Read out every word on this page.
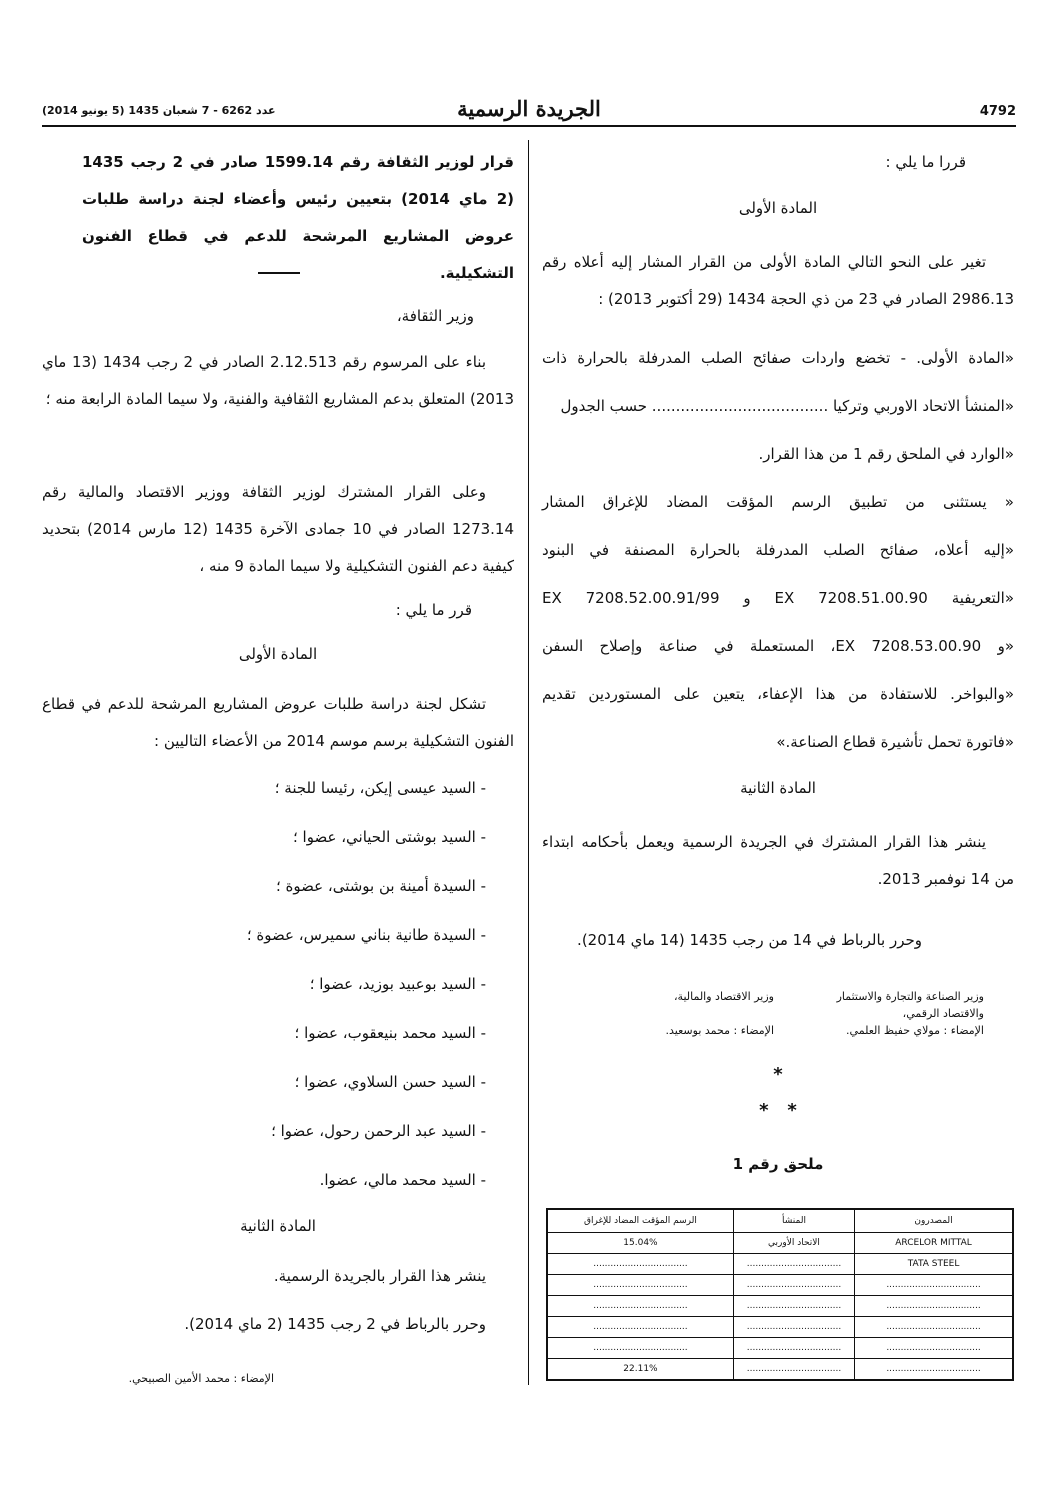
4792
الجريدة الرسمية
عدد 6262 - 7 شعبان 1435 (5 يونيو 2014)
قررا ما يلي :
المادة الأولى
تغير على النحو التالي المادة الأولى من القرار المشار إليه أعلاه رقم 2986.13 الصادر في 23 من ذي الحجة 1434 (29 أكتوبر 2013) :
«المادة الأولى. - تخضع واردات صفائح الصلب المدرفلة بالحرارة ذات
«المنشأ الاتحاد الاوربي وتركيا ..................................... حسب الجدول
«الوارد في الملحق رقم 1 من هذا القرار.
« يستثنى من تطبيق الرسم المؤقت المضاد للإغراق المشار
«إليه أعلاه، صفائح الصلب المدرفلة بالحرارة المصنفة في البنود
«التعريفية EX 7208.51.00.90 و EX 7208.52.00.91/99
«و EX 7208.53.00.90، المستعملة في صناعة وإصلاح السفن
«والبواخر. للاستفادة من هذا الإعفاء، يتعين على المستوردين تقديم
«فاتورة تحمل تأشيرة قطاع الصناعة.»
المادة الثانية
ينشر هذا القرار المشترك في الجريدة الرسمية ويعمل بأحكامه ابتداء من 14 نوفمبر 2013.
وحرر بالرباط في 14 من رجب 1435 (14 ماي 2014).
وزير الصناعة والتجارة والاستثمار والاقتصاد الرقمي،
الإمضاء : مولاي حفيظ العلمي.
وزير الاقتصاد والمالية،
الإمضاء : محمد بوسعيد.
*
*   *
ملحق رقم 1
المصدرون	المنشأ	الرسم المؤقت المضاد للإغراق
ARCELOR MITTAL	الاتحاد الأوربي	15.04%
TATA STEEL	.................................	.................................
.................................	.................................	.................................
.................................	.................................	.................................
.................................	.................................	.................................
.................................	.................................	.................................
.................................	.................................	22.11%
قرار لوزير الثقافة رقم 1599.14 صادر في 2 رجب 1435 (2 ماي 2014) بتعيين رئيس وأعضاء لجنة دراسة طلبات عروض المشاريع المرشحة للدعم في قطاع الفنون التشكيلية.
وزير الثقافة،
بناء على المرسوم رقم 2.12.513 الصادر في 2 رجب 1434 (13 ماي 2013) المتعلق بدعم المشاريع الثقافية والفنية، ولا سيما المادة الرابعة منه ؛
وعلى القرار المشترك لوزير الثقافة ووزير الاقتصاد والمالية رقم 1273.14 الصادر في 10 جمادى الآخرة 1435 (12 مارس 2014) بتحديد كيفية دعم الفنون التشكيلية ولا سيما المادة 9 منه ،
قرر ما يلي :
المادة الأولى
تشكل لجنة دراسة طلبات عروض المشاريع المرشحة للدعم في قطاع الفنون التشكيلية برسم موسم 2014 من الأعضاء التاليين :
- السيد عيسى إيكن، رئيسا للجنة ؛
- السيد بوشتى الحياني، عضوا ؛
- السيدة أمينة بن بوشتى، عضوة ؛
- السيدة طانية بناني سميرس، عضوة ؛
- السيد بوعبيد بوزيد، عضوا ؛
- السيد محمد بنيعقوب، عضوا ؛
- السيد حسن السلاوي، عضوا ؛
- السيد عبد الرحمن رحول، عضوا ؛
- السيد محمد مالي، عضوا.
المادة الثانية
ينشر هذا القرار بالجريدة الرسمية.
وحرر بالرباط في 2 رجب 1435 (2 ماي 2014).
الإمضاء : محمد الأمين الصبيحي.
